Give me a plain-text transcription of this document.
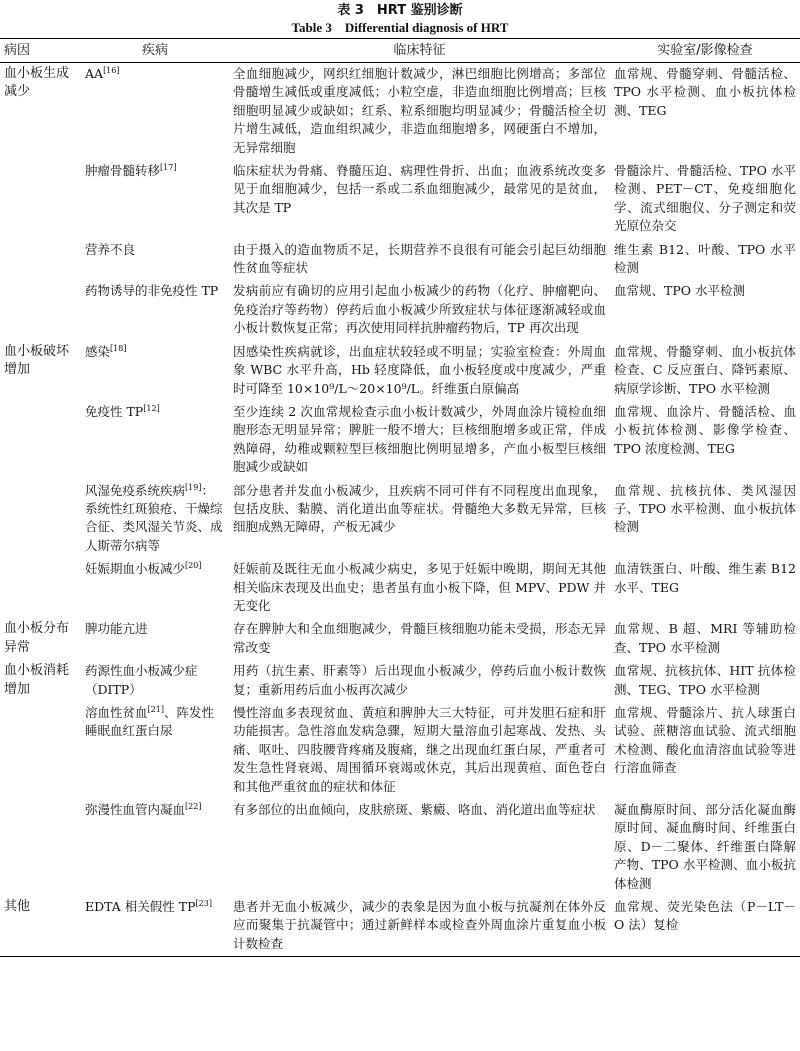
表 3　HRT 鉴别诊断
Table 3　Differential diagnosis of HRT
病因	疾病	临床特征	实验室/影像检查
血小板生成减少	AA[16]	全血细胞减少，网织红细胞计数减少，淋巴细胞比例增高；多部位骨髓增生减低或重度减低；小粒空虚，非造血细胞比例增高；巨核细胞明显减少或缺如；红系、粒系细胞均明显减少；骨髓活检全切片增生减低，造血组织减少，非造血细胞增多，网硬蛋白不增加，无异常细胞	血常规、骨髓穿刺、骨髓活检、TPO 水平检测、血小板抗体检测、TEG
	肿瘤骨髓转移[17]	临床症状为骨痛、脊髓压迫、病理性骨折、出血；血液系统改变多见于血细胞减少，包括一系或二系血细胞减少，最常见的是贫血，其次是 TP	骨髓涂片、骨髓活检、TPO 水平检测、PET－CT、免疫细胞化学、流式细胞仪、分子测定和荧光原位杂交
	营养不良	由于摄入的造血物质不足，长期营养不良很有可能会引起巨幼细胞性贫血等症状	维生素 B12、叶酸、TPO 水平检测
	药物诱导的非免疫性 TP	发病前应有确切的应用引起血小板减少的药物（化疗、肿瘤靶向、免疫治疗等药物）停药后血小板减少所致症状与体征逐渐减轻或血小板计数恢复正常；再次使用同样抗肿瘤药物后，TP 再次出现	血常规、TPO 水平检测
血小板破坏增加	感染[18]	因感染性疾病就诊，出血症状较轻或不明显；实验室检查：外周血象 WBC 水平升高，Hb 轻度降低，血小板轻度或中度减少，严重时可降至 10×10⁹/L～20×10⁹/L。纤维蛋白原偏高	血常规、骨髓穿刺、血小板抗体检查、C 反应蛋白、降钙素原、病原学诊断、TPO 水平检测
	免疫性 TP[12]	至少连续 2 次血常规检查示血小板计数减少，外周血涂片镜检血细胞形态无明显异常；脾脏一般不增大；巨核细胞增多或正常，伴成熟障碍，幼稚或颗粒型巨核细胞比例明显增多，产血小板型巨核细胞减少或缺如	血常规、血涂片、骨髓活检、血小板抗体检测、影像学检查、TPO 浓度检测、TEG
	风湿免疫系统疾病[19]：系统性红斑狼疮、干燥综合征、类风湿关节炎、成人斯蒂尔病等	部分患者并发血小板减少，且疾病不同可伴有不同程度出血现象，包括皮肤、黏膜、消化道出血等症状。骨髓绝大多数无异常，巨核细胞成熟无障碍，产板无减少	血常规、抗核抗体、类风湿因子、TPO 水平检测、血小板抗体检测
	妊娠期血小板减少[20]	妊娠前及既往无血小板减少病史，多见于妊娠中晚期，期间无其他相关临床表现及出血史；患者虽有血小板下降，但 MPV、PDW 并无变化	血清铁蛋白、叶酸、维生素 B12 水平、TEG
血小板分布异常	脾功能亢进	存在脾肿大和全血细胞减少，骨髓巨核细胞功能未受损，形态无异常改变	血常规、B 超、MRI 等辅助检查、TPO 水平检测
血小板消耗增加	药源性血小板减少症（DITP）	用药（抗生素、肝素等）后出现血小板减少，停药后血小板计数恢复；重新用药后血小板再次减少	血常规、抗核抗体、HIT 抗体检测、TEG、TPO 水平检测
	溶血性贫血[21]、阵发性睡眠血红蛋白尿	慢性溶血多表现贫血、黄疸和脾肿大三大特征，可并发胆石症和肝功能损害。急性溶血发病急骤，短期大量溶血引起寒战、发热、头痛、呕吐、四肢腰背疼痛及腹痛，继之出现血红蛋白尿，严重者可发生急性肾衰竭、周围循环衰竭或休克，其后出现黄疸、面色苍白和其他严重贫血的症状和体征	血常规、骨髓涂片、抗人球蛋白试验、蔗糖溶血试验、流式细胞术检测、酸化血清溶血试验等进行溶血筛查
	弥漫性血管内凝血[22]	有多部位的出血倾向，皮肤瘀斑、紫癜、咯血、消化道出血等症状	凝血酶原时间、部分活化凝血酶原时间、凝血酶时间、纤维蛋白原、D－二聚体、纤维蛋白降解产物、TPO 水平检测、血小板抗体检测
其他	EDTA 相关假性 TP[23]	患者并无血小板减少，减少的表象是因为血小板与抗凝剂在体外反应而聚集于抗凝管中；通过新鲜样本或检查外周血涂片重复血小板计数检查	血常规、荧光染色法（P－LT－O 法）复检
